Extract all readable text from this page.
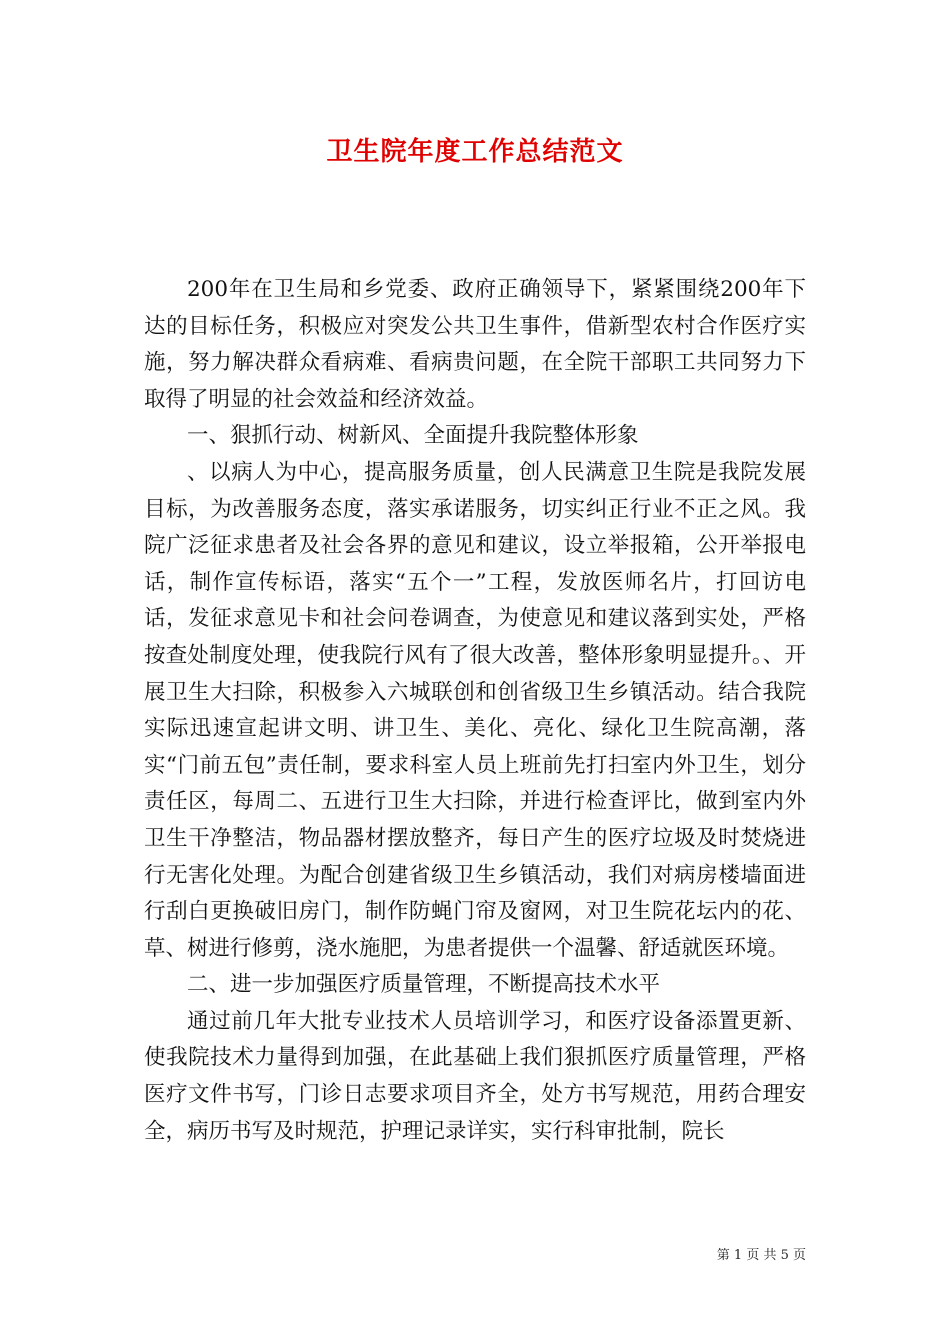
卫生院年度工作总结范文

200年在卫生局和乡党委、政府正确领导下，紧紧围绕200年下达的目标任务，积极应对突发公共卫生事件，借新型农村合作医疗实施，努力解决群众看病难、看病贵问题，在全院干部职工共同努力下取得了明显的社会效益和经济效益。

一、狠抓行动、树新风、全面提升我院整体形象

、以病人为中心，提高服务质量，创人民满意卫生院是我院发展目标，为改善服务态度，落实承诺服务，切实纠正行业不正之风。我院广泛征求患者及社会各界的意见和建议，设立举报箱，公开举报电话，制作宣传标语，落实“五个一”工程，发放医师名片，打回访电话，发征求意见卡和社会问卷调查，为使意见和建议落到实处，严格按查处制度处理，使我院行风有了很大改善，整体形象明显提升。、开展卫生大扫除，积极参入六城联创和创省级卫生乡镇活动。结合我院实际迅速宣起讲文明、讲卫生、美化、亮化、绿化卫生院高潮，落实“门前五包”责任制，要求科室人员上班前先打扫室内外卫生，划分责任区，每周二、五进行卫生大扫除，并进行检查评比，做到室内外卫生干净整洁，物品器材摆放整齐，每日产生的医疗垃圾及时焚烧进行无害化处理。为配合创建省级卫生乡镇活动，我们对病房楼墙面进行刮白更换破旧房门，制作防蝇门帘及窗网，对卫生院花坛内的花、草、树进行修剪，浇水施肥，为患者提供一个温馨、舒适就医环境。

二、进一步加强医疗质量管理，不断提高技术水平

通过前几年大批专业技术人员培训学习，和医疗设备添置更新、使我院技术力量得到加强，在此基础上我们狠抓医疗质量管理，严格医疗文件书写，门诊日志要求项目齐全，处方书写规范，用药合理安全，病历书写及时规范，护理记录详实，实行科审批制，院长

第 1 页 共 5 页
